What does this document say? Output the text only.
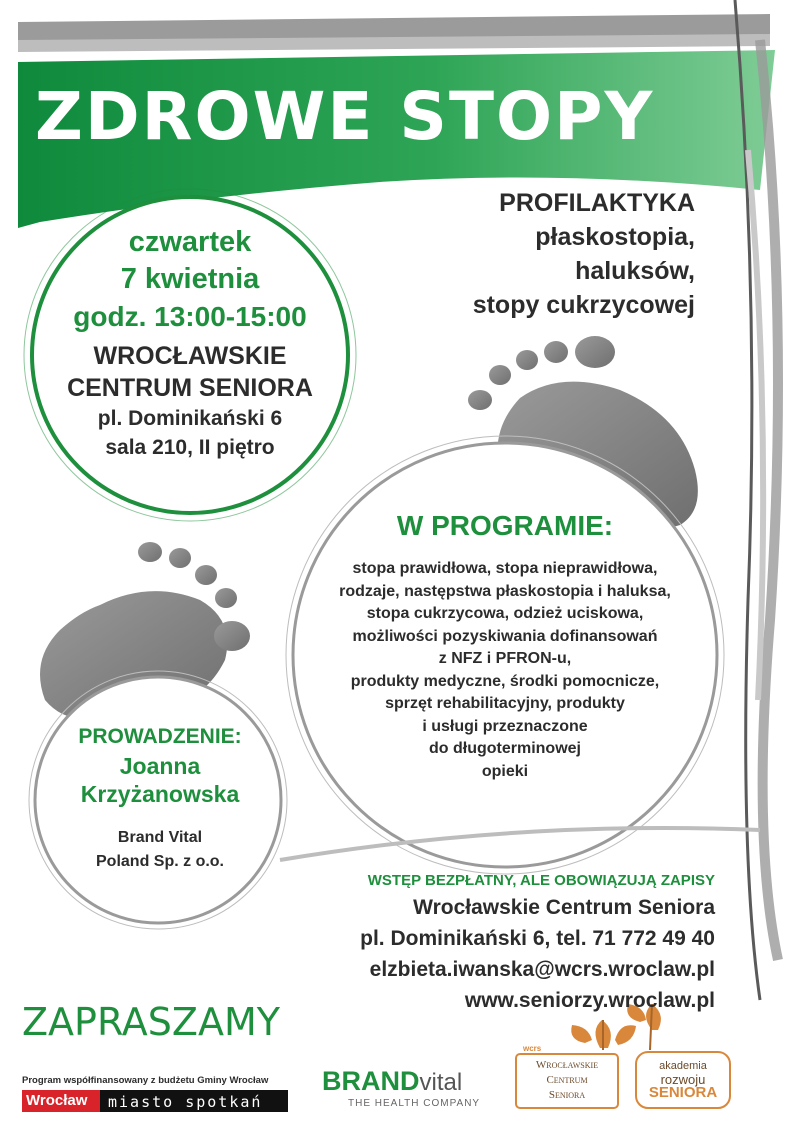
ZDROWE STOPY
PROFILAKTYKA
płaskostopia,
haluksów,
stopy cukrzycowej
czwartek
7 kwietnia
godz. 13:00-15:00
WROCŁAWSKIE
CENTRUM SENIORA
pl. Dominikański 6
sala 210, II piętro
W PROGRAMIE:
stopa prawidłowa, stopa nieprawidłowa,
rodzaje, następstwa płaskostopia i haluksa,
stopa cukrzycowa, odzież uciskowa,
możliwości pozyskiwania dofinansowań
z NFZ i PFRON-u,
produkty medyczne, środki pomocnicze,
sprzęt rehabilitacyjny, produkty
i usługi przeznaczone
do długoterminowej
opieki
PROWADZENIE:
Joanna
Krzyżanowska
Brand Vital
Poland Sp. z o.o.
WSTĘP BEZPŁATNY, ALE OBOWIĄZUJĄ ZAPISY
Wrocławskie Centrum Seniora
pl. Dominikański 6, tel. 71 772 49 40
elzbieta.iwanska@wcrs.wroclaw.pl
www.seniorzy.wroclaw.pl
ZAPRASZAMY
Program współfinansowany z budżetu Gminy Wrocław
Wrocław miasto spotkań
BRANDvital
THE HEALTH COMPANY
wcrs
Wrocławskie
Centrum
Seniora
akademia
rozwoju
SENIORA
